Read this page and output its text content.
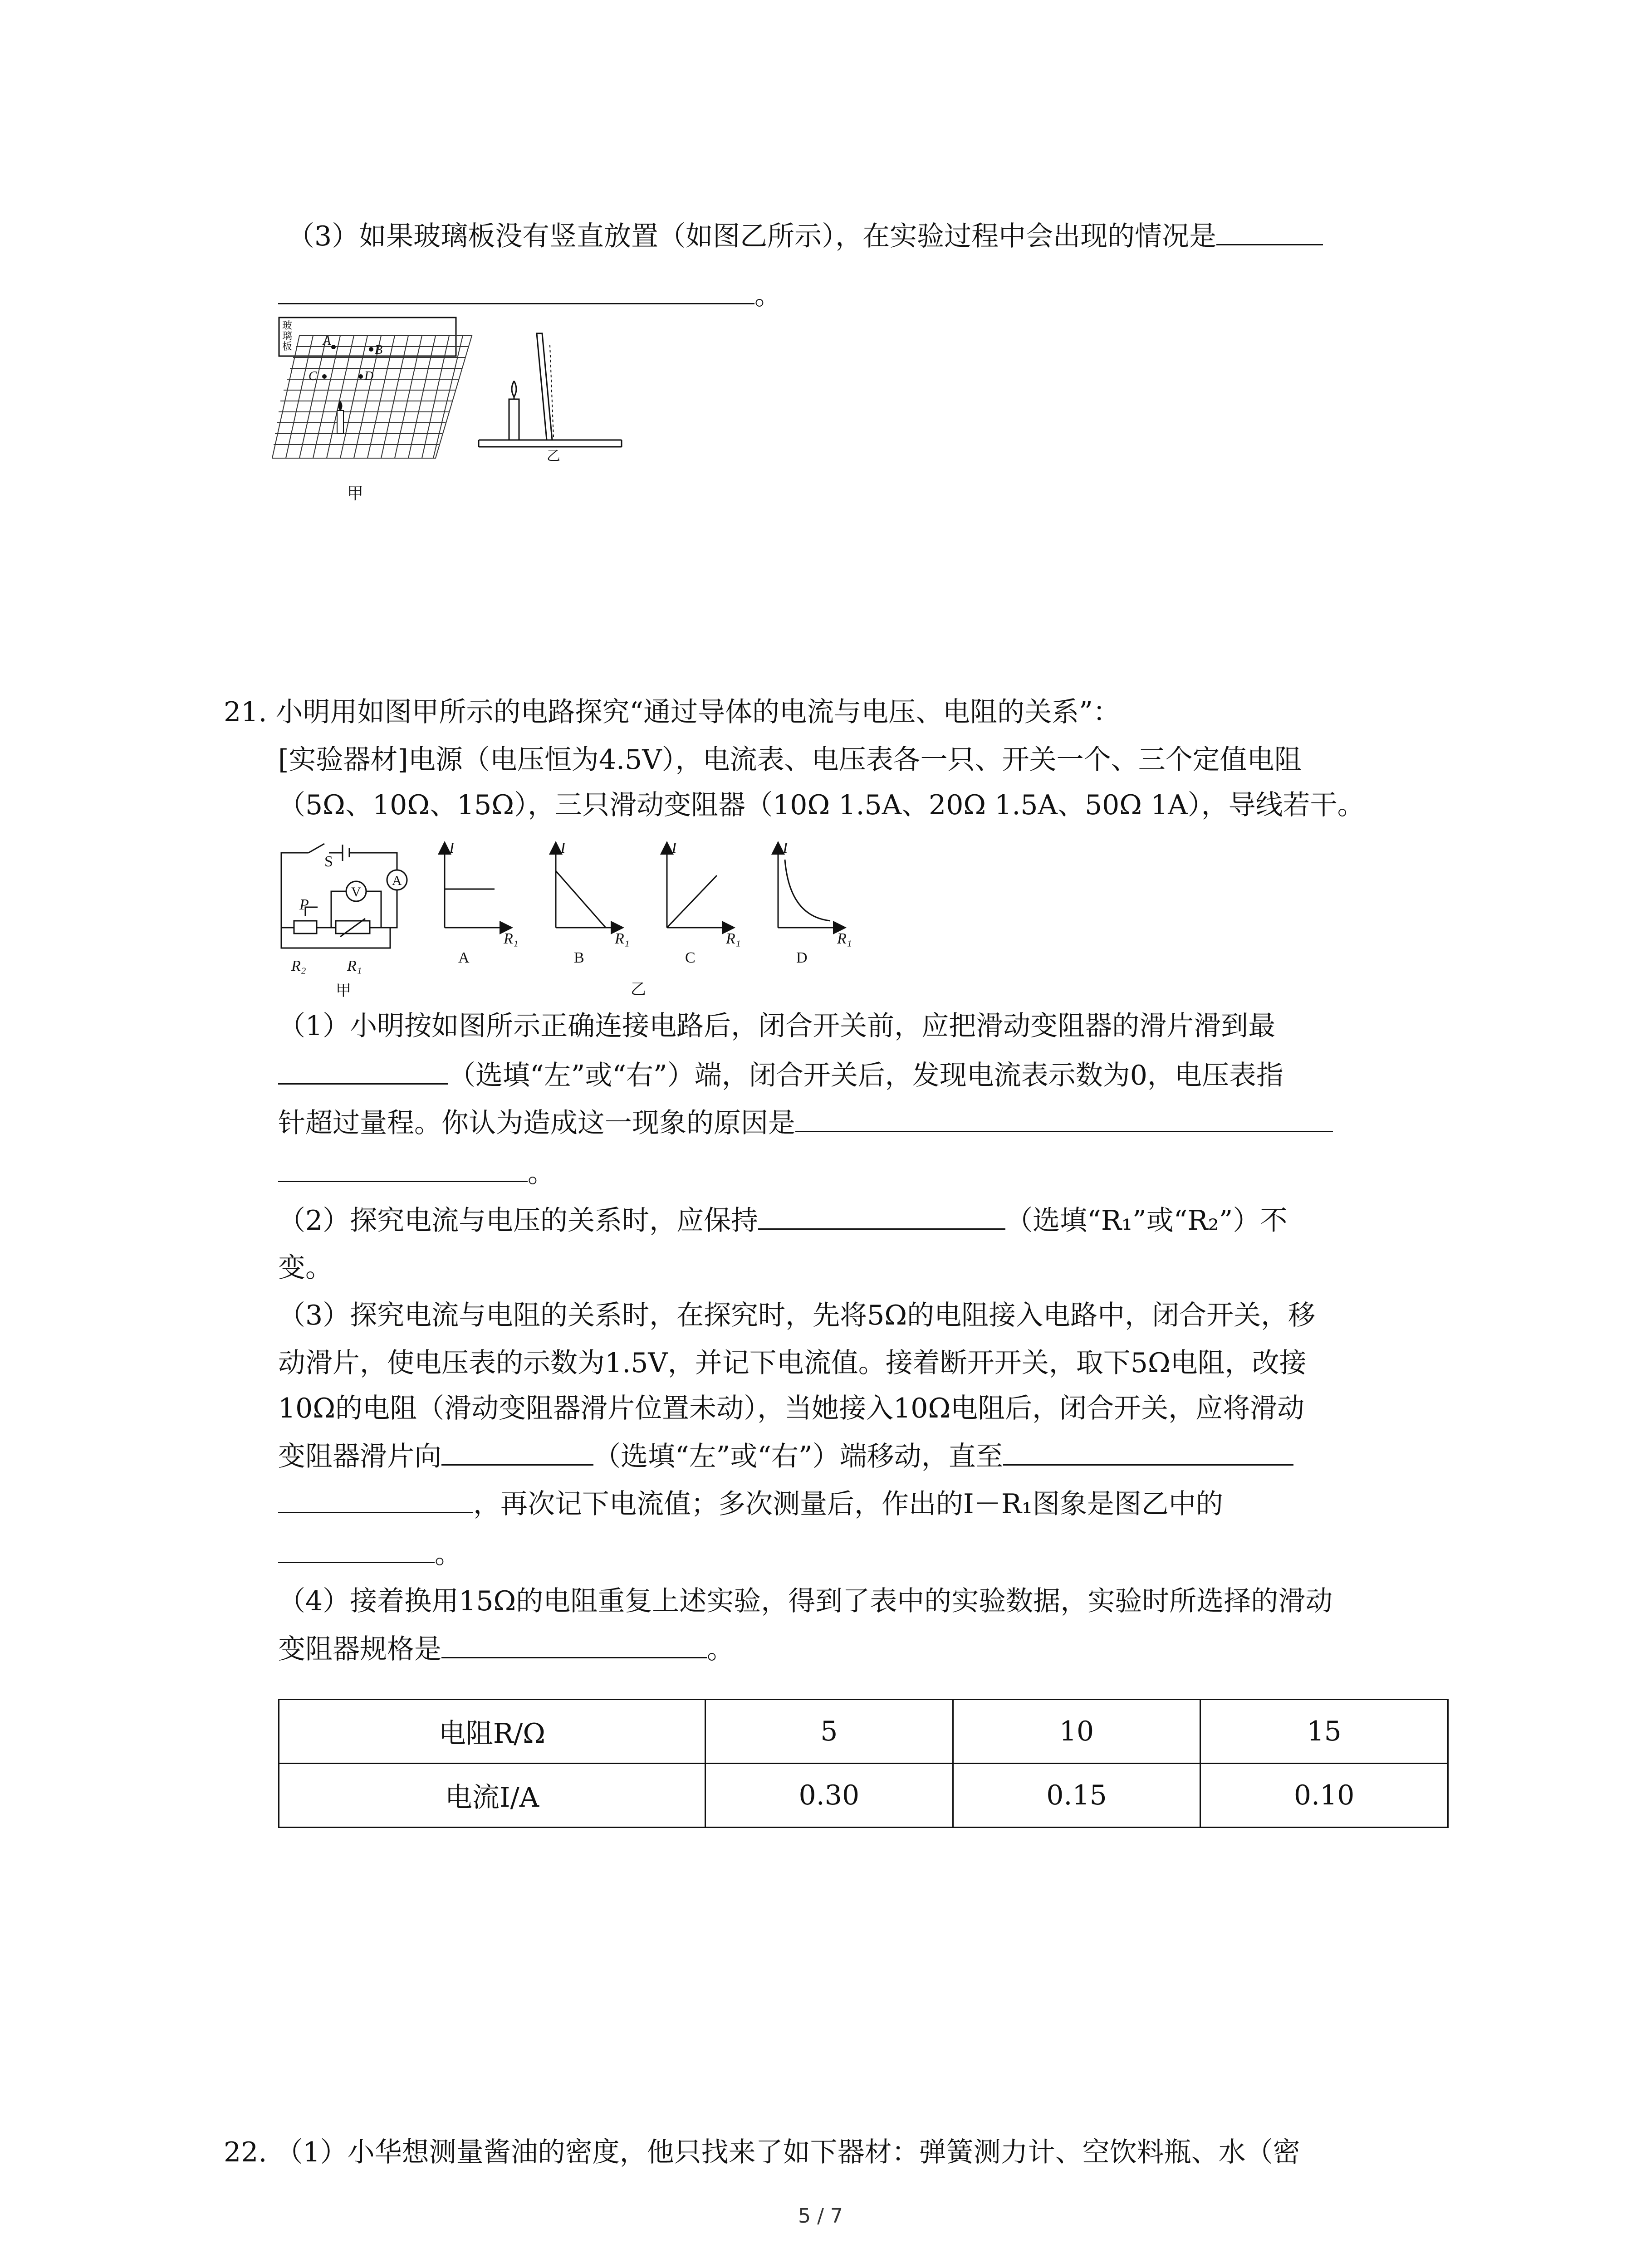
（3）如果玻璃板没有竖直放置（如图乙所示），在实验过程中会出现的情况是
。
玻
璃
板 A
B
C	D
甲
乙
21. 小明用如图甲所示的电路探究“通过导体的电流与电压、电阻的关系”：
[实验器材]电源（电压恒为4.5V），电流表、电压表各一只、开关一个、三个定值电阻
（5Ω、10Ω、15Ω），三只滑动变阻器（10Ω 1.5A、20Ω 1.5A、50Ω 1A），导线若干。
S
P
V
A
R₂	R₁
甲
I
R₁
A
I
R₁
B
I
R₁
C
I
R₁
D
乙
（1）小明按如图所示正确连接电路后，闭合开关前，应把滑动变阻器的滑片滑到最
（选填“左”或“右”）端，闭合开关后，发现电流表示数为0，电压表指
针超过量程。你认为造成这一现象的原因是
。
（2）探究电流与电压的关系时，应保持	（选填“R₁”或“R₂”）不
变。
（3）探究电流与电阻的关系时，在探究时，先将5Ω的电阻接入电路中，闭合开关，移
动滑片，使电压表的示数为1.5V，并记下电流值。接着断开开关，取下5Ω电阻，改接
10Ω的电阻（滑动变阻器滑片位置未动），当她接入10Ω电阻后，闭合开关，应将滑动
变阻器滑片向	（选填“左”或“右”）端移动，直至
，再次记下电流值；多次测量后，作出的I－R₁图象是图乙中的
。
（4）接着换用15Ω的电阻重复上述实验，得到了表中的实验数据，实验时所选择的滑动
变阻器规格是	。
电阻R/Ω	5	10	15
电流I/A	0.30	0.15	0.10
22. （1）小华想测量酱油的密度，他只找来了如下器材：弹簧测力计、空饮料瓶、水（密
5 / 7
